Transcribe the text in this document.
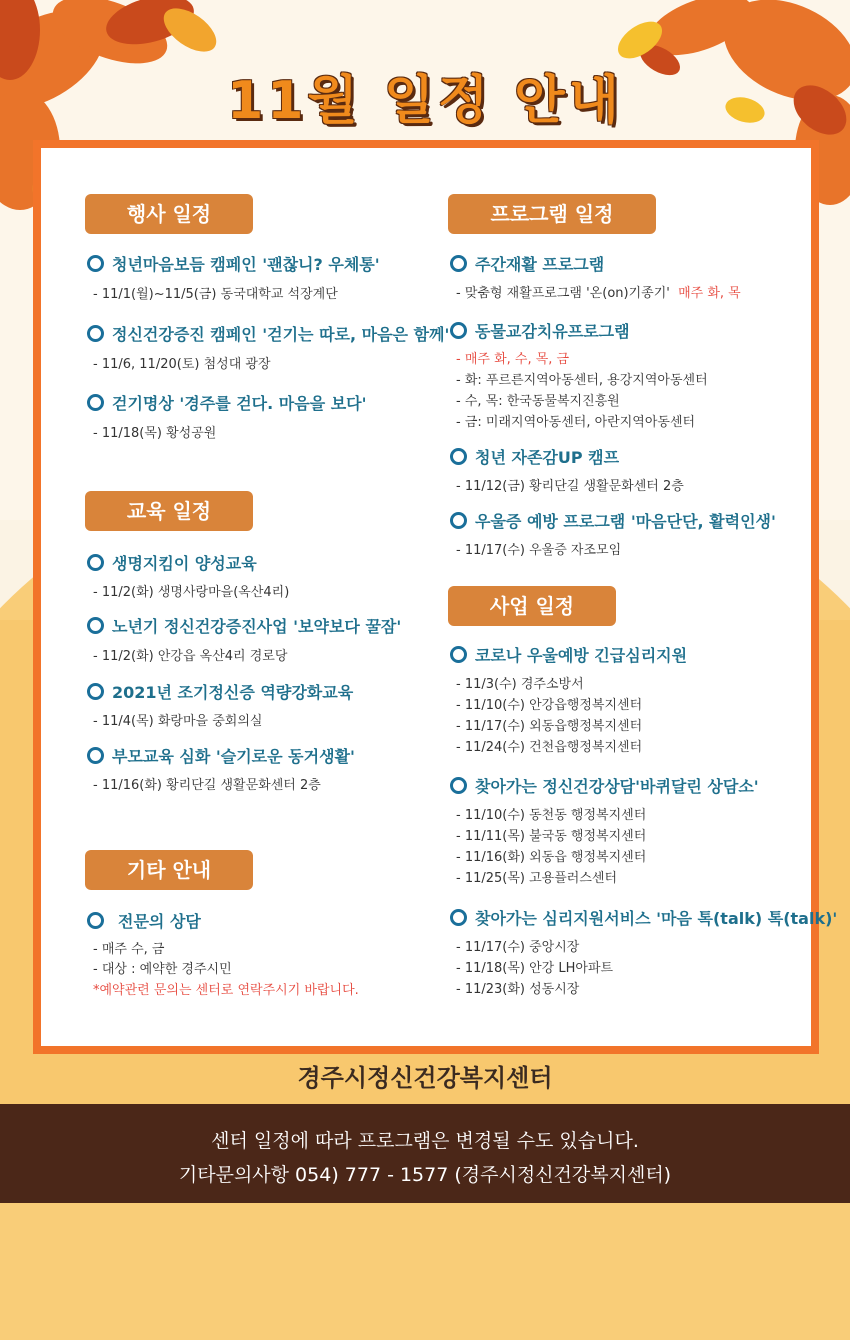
11월 일정 안내
행사 일정
청년마음보듬 캠페인 '괜찮니? 우체통'
- 11/1(월)~11/5(금) 동국대학교 석장계단
정신건강증진 캠페인 '걷기는 따로, 마음은 함께'
- 11/6, 11/20(토) 첨성대 광장
걷기명상 '경주를 걷다. 마음을 보다'
- 11/18(목) 황성공원
교육 일정
생명지킴이 양성교육
- 11/2(화) 생명사랑마을(옥산4리)
노년기 정신건강증진사업 '보약보다 꿀잠'
- 11/2(화) 안강읍 옥산4리 경로당
2021년 조기정신증 역량강화교육
- 11/4(목) 화랑마을 중회의실
부모교육 심화 '슬기로운 동거생활'
- 11/16(화) 황리단길 생활문화센터 2층
기타 안내
전문의 상담
- 매주 수, 금
- 대상 : 예약한 경주시민
*예약관련 문의는 센터로 연락주시기 바랍니다.
프로그램 일정
주간재활 프로그램
- 맞춤형 재활프로그램 '온(on)기종기' 매주 화, 목
동물교감치유프로그램
- 매주 화, 수, 목, 금
- 화: 푸르른지역아동센터, 용강지역아동센터
- 수, 목: 한국동물복지진흥원
- 금: 미래지역아동센터, 아란지역아동센터
청년 자존감UP 캠프
- 11/12(금) 황리단길 생활문화센터 2층
우울증 예방 프로그램 '마음단단, 활력인생'
- 11/17(수) 우울증 자조모임
사업 일정
코로나 우울예방 긴급심리지원
- 11/3(수) 경주소방서
- 11/10(수) 안강읍행정복지센터
- 11/17(수) 외동읍행정복지센터
- 11/24(수) 건천읍행정복지센터
찾아가는 정신건강상담'바퀴달린 상담소'
- 11/10(수) 동천동 행정복지센터
- 11/11(목) 불국동 행정복지센터
- 11/16(화) 외동읍 행정복지센터
- 11/25(목) 고용플러스센터
찾아가는 심리지원서비스 '마음 톡(talk) 톡(talk)'
- 11/17(수) 중앙시장
- 11/18(목) 안강 LH아파트
- 11/23(화) 성동시장
경주시정신건강복지센터
센터 일정에 따라 프로그램은 변경될 수도 있습니다.
기타문의사항 054) 777 - 1577 (경주시정신건강복지센터)
